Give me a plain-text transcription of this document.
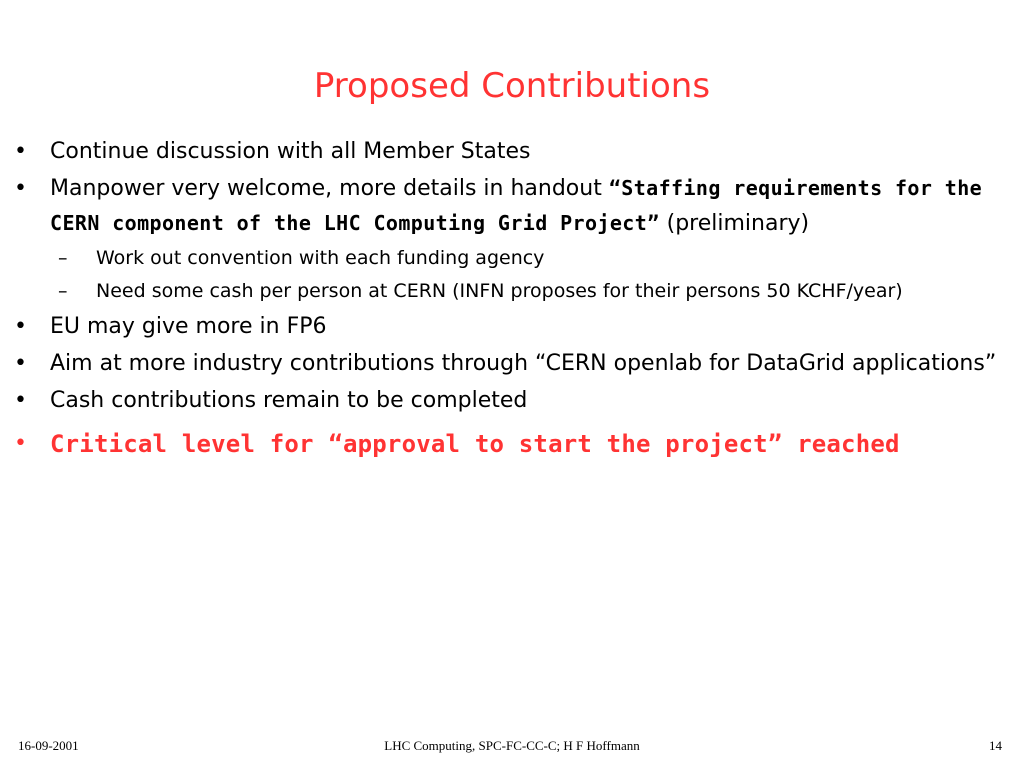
Proposed Contributions
•	Continue discussion with all Member States
•	Manpower very welcome, more details in handout “Staffing requirements for the CERN component of the LHC Computing Grid Project” (preliminary)
– Work out convention with each funding agency
– Need some cash per person at CERN (INFN proposes for their persons 50 KCHF/year)
•	EU may give more in FP6
•	Aim at more industry contributions through “CERN openlab for DataGrid applications”
•	Cash contributions remain to be completed
• Critical level for “approval to start the project” reached
16-09-2001	LHC Computing, SPC-FC-CC-C; H F Hoffmann	14
